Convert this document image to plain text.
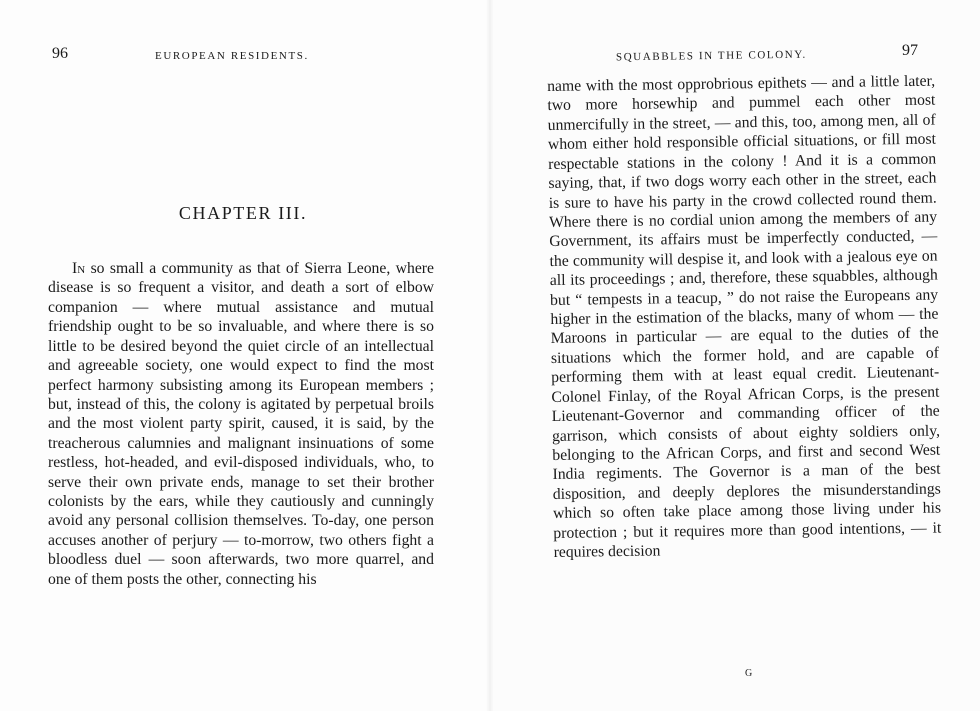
96	EUROPEAN RESIDENTS.	SQUABBLES IN THE COLONY.	97
CHAPTER III.

In so small a community as that of Sierra Leone, where disease is so frequent a visitor, and death a sort of elbow companion — where mutual assistance and mutual friendship ought to be so invaluable, and where there is so little to be desired beyond the quiet circle of an intellectual and agreeable society, one would expect to find the most perfect harmony subsisting among its European members ; but, instead of this, the colony is agitated by perpetual broils and the most violent party spirit, caused, it is said, by the treacherous calumnies and malignant insinuations of some restless, hot-headed, and evil-disposed individuals, who, to serve their own private ends, manage to set their brother colonists by the ears, while they cautiously and cunningly avoid any personal collision themselves. To-day, one person accuses another of perjury — to-morrow, two others fight a bloodless duel — soon afterwards, two more quarrel, and one of them posts the other, connecting his

name with the most opprobrious epithets — and a little later, two more horsewhip and pummel each other most unmercifully in the street, — and this, too, among men, all of whom either hold responsible official situations, or fill most respectable stations in the colony ! And it is a common saying, that, if two dogs worry each other in the street, each is sure to have his party in the crowd collected round them. Where there is no cordial union among the members of any Government, its affairs must be imperfectly conducted, — the community will despise it, and look with a jealous eye on all its proceedings ; and, therefore, these squabbles, although but “ tempests in a teacup, ” do not raise the Europeans any higher in the estimation of the blacks, many of whom — the Maroons in particular — are equal to the duties of the situations which the former hold, and are capable of performing them with at least equal credit. Lieutenant-Colonel Finlay, of the Royal African Corps, is the present Lieutenant-Governor and commanding officer of the garrison, which consists of about eighty soldiers only, belonging to the African Corps, and first and second West India regiments. The Governor is a man of the best disposition, and deeply deplores the misunderstandings which so often take place among those living under his protection ; but it requires more than good intentions, — it requires decision

G
